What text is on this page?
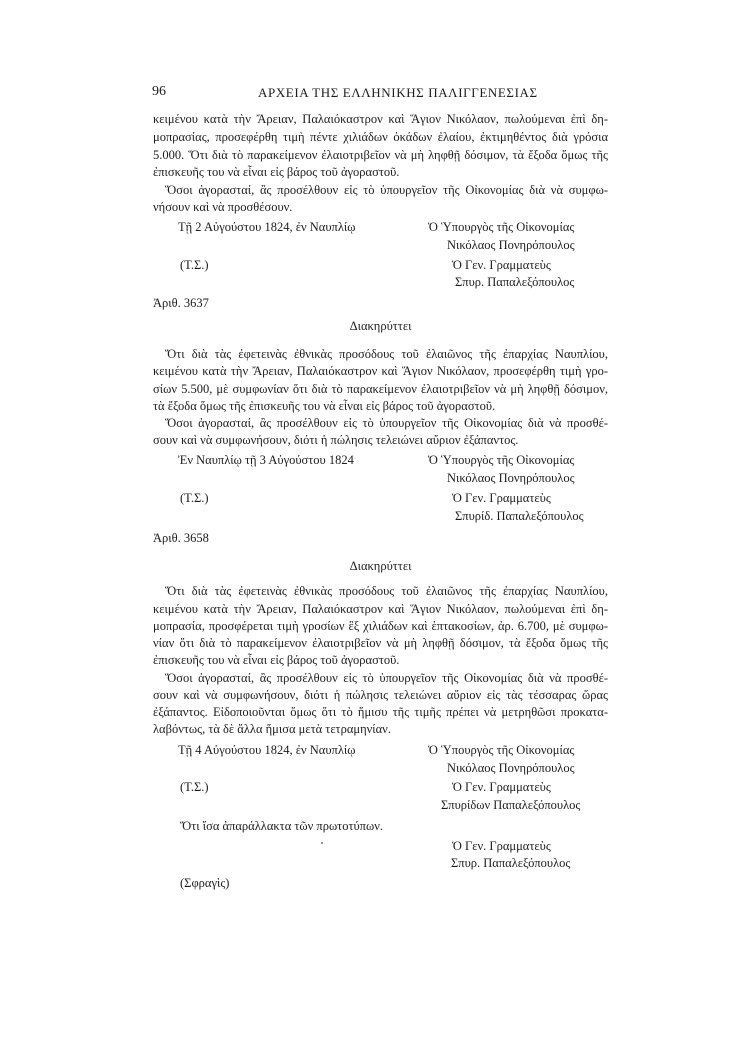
96	ΑΡΧΕΙΑ ΤΗΣ ΕΛΛΗΝΙΚΗΣ ΠΑΛΙΓΓΕΝΕΣΙΑΣ

κειμένου κατὰ τὴν Ἄρειαν, Παλαιόκαστρον καὶ Ἅγιον Νικόλαον, πωλούμεναι ἐπὶ δη-

μοπρασίας, προσεφέρθη τιμὴ πέντε χιλιάδων ὀκάδων ἐλαίου, ἐκτιμηθέντος διὰ γρόσια

5.000. Ὅτι διὰ τὸ παρακείμενον ἐλαιοτριβεῖον νὰ μὴ ληφθῇ δόσιμον, τὰ ἔξοδα ὅμως τῆς

ἐπισκευῆς του νὰ εἶναι εἰς βάρος τοῦ ἀγοραστοῦ.

Ὅσοι ἀγορασταί, ἂς προσέλθουν εἰς τὸ ὑπουργεῖον τῆς Οἰκονομίας διὰ νὰ συμφω-

νήσουν καὶ νὰ προσθέσουν.

Τῇ 2 Αὐγούστου 1824, ἐν Ναυπλίῳ	Ὁ Ὑπουργὸς τῆς Οἰκονομίας

Νικόλαος Πονηρόπουλος

(Τ.Σ.)	Ὁ Γεν. Γραμματεὺς

Σπυρ. Παπαλεξόπουλος

Ἀριθ. 3637

Διακηρύττει

Ὅτι διὰ τὰς ἐφετεινὰς ἐθνικὰς προσόδους τοῦ ἐλαιῶνος τῆς ἐπαρχίας Ναυπλίου,

κειμένου κατὰ τὴν Ἄρειαν, Παλαιόκαστρον καὶ Ἅγιον Νικόλαον, προσεφέρθη τιμὴ γρο-

σίων 5.500, μὲ συμφωνίαν ὅτι διὰ τὸ παρακείμενον ἐλαιοτριβεῖον νὰ μὴ ληφθῇ δόσιμον,

τὰ ἔξοδα ὅμως τῆς ἐπισκευῆς του νὰ εἶναι εἰς βάρος τοῦ ἀγοραστοῦ.

Ὅσοι ἀγορασταί, ἂς προσέλθουν εἰς τὸ ὑπουργεῖον τῆς Οἰκονομίας διὰ νὰ προσθέ-

σουν καὶ νὰ συμφωνήσουν, διότι ἡ πώλησις τελειώνει αὔριον ἐξάπαντος.

Ἐν Ναυπλίῳ τῇ 3 Αὐγούστου 1824	Ὁ Ὑπουργὸς τῆς Οἰκονομίας

Νικόλαος Πονηρόπουλος

(Τ.Σ.)	Ὁ Γεν. Γραμματεὺς

Σπυρίδ. Παπαλεξόπουλος

Ἀριθ. 3658

Διακηρύττει

Ὅτι διὰ τὰς ἐφετεινὰς ἐθνικὰς προσόδους τοῦ ἐλαιῶνος τῆς ἐπαρχίας Ναυπλίου,

κειμένου κατὰ τὴν Ἄρειαν, Παλαιόκαστρον καὶ Ἅγιον Νικόλαον, πωλούμεναι ἐπὶ δη-

μοπρασία, προσφέρεται τιμὴ γροσίων ἓξ χιλιάδων καὶ ἑπτακοσίων, ἀρ. 6.700, μὲ συμφω-

νίαν ὅτι διὰ τὸ παρακείμενον ἐλαιοτριβεῖον νὰ μὴ ληφθῇ δόσιμον, τὰ ἔξοδα ὅμως τῆς

ἐπισκευῆς του νὰ εἶναι εἰς βάρος τοῦ ἀγοραστοῦ.

Ὅσοι ἀγορασταί, ἂς προσέλθουν εἰς τὸ ὑπουργεῖον τῆς Οἰκονομίας διὰ νὰ προσθέ-

σουν καὶ νὰ συμφωνήσουν, διότι ἡ πώλησις τελειώνει αὔριον εἰς τὰς τέσσαρας ὥρας

ἐξάπαντος. Εἰδοποιοῦνται ὅμως ὅτι τὸ ἥμισυ τῆς τιμῆς πρέπει νὰ μετρηθῶσι προκατα-

λαβόντως, τὰ δὲ ἄλλα ἥμισα μετὰ τετραμηνίαν.

Τῇ 4 Αὐγούστου 1824, ἐν Ναυπλίῳ	Ὁ Ὑπουργὸς τῆς Οἰκονομίας

Νικόλαος Πονηρόπουλος

(Τ.Σ.)	Ὁ Γεν. Γραμματεὺς

Σπυρίδων Παπαλεξόπουλος

Ὅτι ἴσα ἀπαράλλακτα τῶν πρωτοτύπων.

Ὁ Γεν. Γραμματεὺς

Σπυρ. Παπαλεξόπουλος

(Σφραγὶς)
